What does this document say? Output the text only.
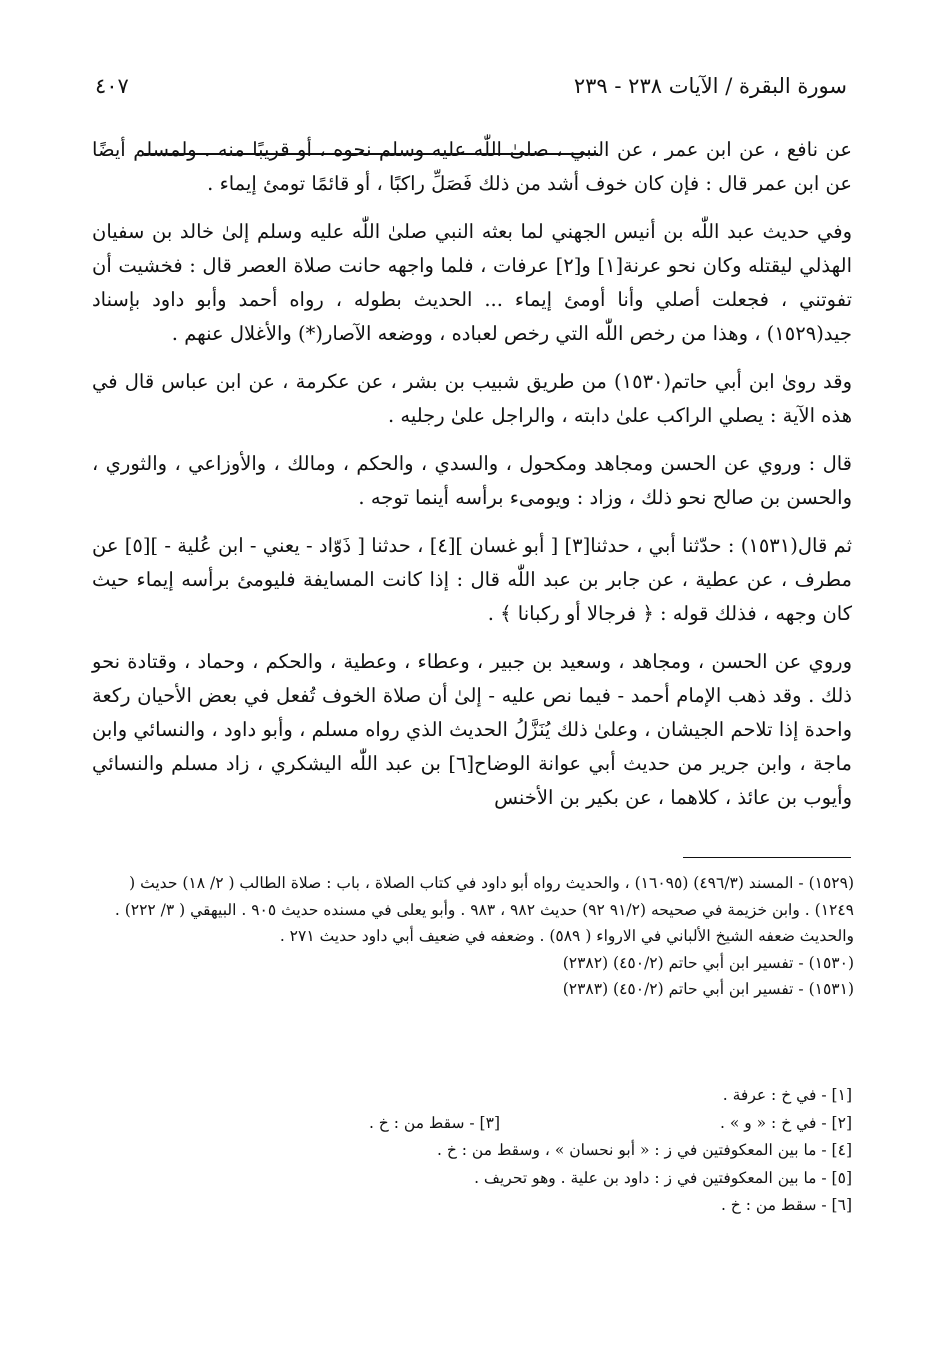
سورة البقرة / الآيات ٢٣٨ - ٢٣٩
٤٠٧

عن نافع ، عن ابن عمر ، عن النبي ، صلىٰ اللّٰه عليه وسلم نحوه ، أو قريبًا منه . ولمسلم أيضًا عن ابن عمر قال : فإن كان خوف أشد من ذلك فَصَلِّ راكبًا ، أو قائمًا تومئ إيماء .

وفي حديث عبد اللّٰه بن أنيس الجهني لما بعثه النبي صلىٰ اللّٰه عليه وسلم إلىٰ خالد بن سفيان الهذلي ليقتله وكان نحو عرنة[١] و[٢] عرفات ، فلما واجهه حانت صلاة العصر قال : فخشيت أن تفوتني ، فجعلت أصلي وأنا أومئ إيماء ... الحديث بطوله ، رواه أحمد وأبو داود بإسناد جيد(١٥٢٩) ، وهذا من رخص اللّٰه التي رخص لعباده ، ووضعه الآصار(*) والأغلال عنهم .

وقد روىٰ ابن أبي حاتم(١٥٣٠) من طريق شبيب بن بشر ، عن عكرمة ، عن ابن عباس قال في هذه الآية : يصلي الراكب علىٰ دابته ، والراجل علىٰ رجليه .

قال : وروي عن الحسن ومجاهد ومكحول ، والسدي ، والحكم ، ومالك ، والأوزاعي ، والثوري ، والحسن بن صالح نحو ذلك ، وزاد : ويومىء برأسه أينما توجه .

ثم قال(١٥٣١) : حدّثنا أبي ، حدثنا[٣] [ أبو غسان ][٤] ، حدثنا [ ذَوّاد - يعني - ابن عُلية - ][٥] عن مطرف ، عن عطية ، عن جابر بن عبد اللّٰه قال : إذا كانت المسايفة فليومئ برأسه إيماء حيث كان وجهه ، فذلك قوله : ﴿ فرجالا أو ركبانا ﴾ .

وروي عن الحسن ، ومجاهد ، وسعيد بن جبير ، وعطاء ، وعطية ، والحكم ، وحماد ، وقتادة نحو ذلك . وقد ذهب الإمام أحمد - فيما نص عليه - إلىٰ أن صلاة الخوف تُفعل في بعض الأحيان ركعة واحدة إذا تلاحم الجيشان ، وعلىٰ ذلك يُنَزَّلُ الحديث الذي رواه مسلم ، وأبو داود ، والنسائي وابن ماجة ، وابن جرير من حديث أبي عوانة الوضاح[٦] بن عبد اللّٰه اليشكري ، زاد مسلم والنسائي وأيوب بن عائذ ، كلاهما ، عن بكير بن الأخنس

(١٥٢٩) - المسند (٤٩٦/٣) (١٦٠٩٥) ، والحديث رواه أبو داود في كتاب الصلاة ، باب : صلاة الطالب ( ٢/ ١٨) حديث ( ١٢٤٩) . وابن خزيمة في صحيحه (٩١/٢ ٩٢) حديث ٩٨٢ ، ٩٨٣ . وأبو يعلى في مسنده حديث ٩٠٥ . البيهقي ( ٣/ ٢٢٢) . والحديث ضعفه الشيخ الألباني في الارواء ( ٥٨٩) . وضعفه في ضعيف أبي داود حديث ٢٧١ .

(١٥٣٠) - تفسير ابن أبي حاتم (٤٥٠/٢) (٢٣٨٢)

(١٥٣١) - تفسير ابن أبي حاتم (٤٥٠/٢) (٢٣٨٣)

[١] - في خ : عرفة .
[٢] - في خ : « و » .
[٣] - سقط من : خ .
[٤] - ما بين المعكوفتين في ز : « أبو نحسان » ، وسقط من : خ .
[٥] - ما بين المعكوفتين في ز : داود بن علية . وهو تحريف .
[٦] - سقط من : خ .
